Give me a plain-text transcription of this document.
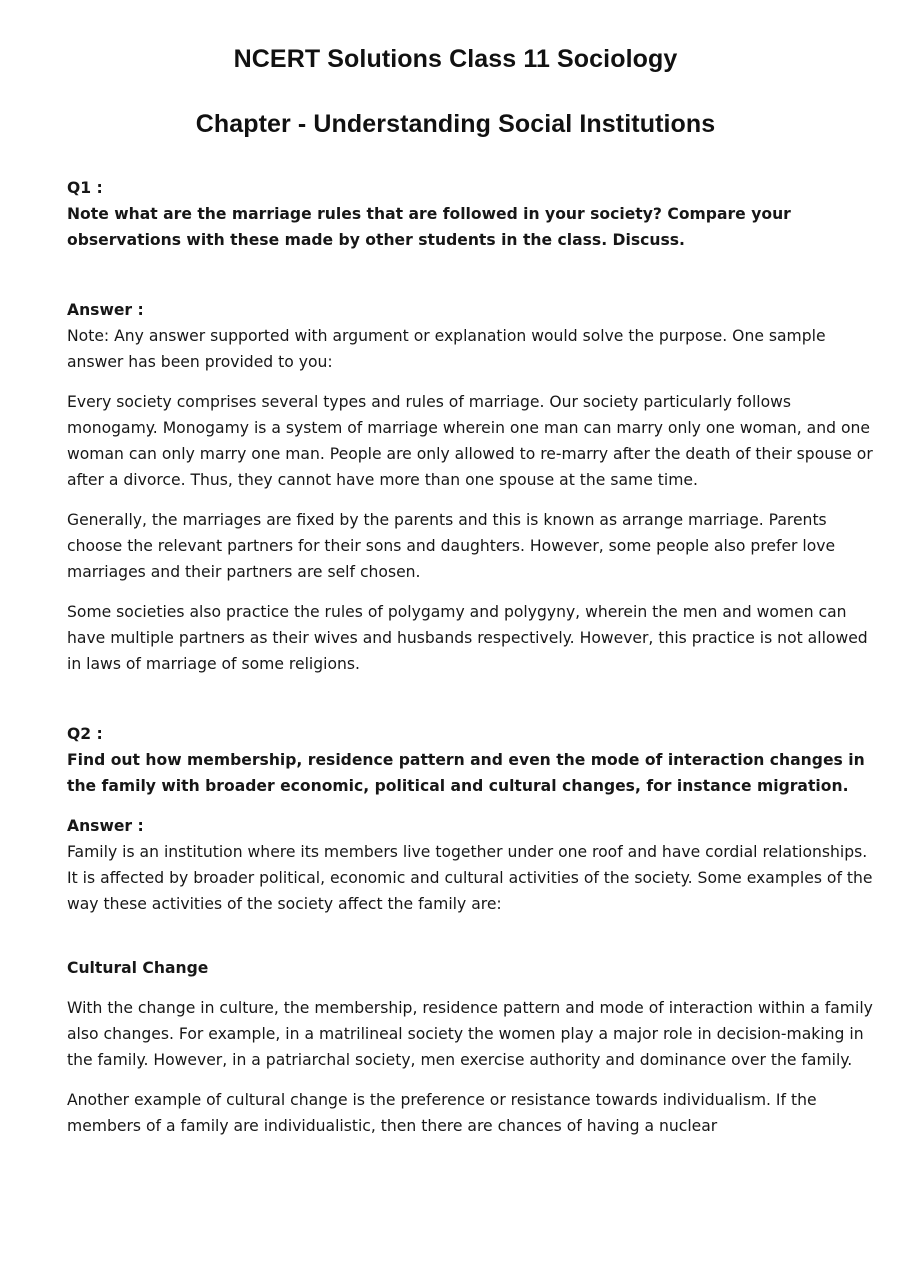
NCERT Solutions Class 11 Sociology
Chapter - Understanding Social Institutions

Q1 :

Note what are the marriage rules that are followed in your society? Compare your observations with these made by other students in the class. Discuss.

Answer :

Note: Any answer supported with argument or explanation would solve the purpose. One sample answer has been provided to you:

Every society comprises several types and rules of marriage. Our society particularly follows monogamy. Monogamy is a system of marriage wherein one man can marry only one woman, and one woman can only marry one man. People are only allowed to re-marry after the death of their spouse or after a divorce. Thus, they cannot have more than one spouse at the same time.

Generally, the marriages are fixed by the parents and this is known as arrange marriage. Parents choose the relevant partners for their sons and daughters. However, some people also prefer love marriages and their partners are self chosen.

Some societies also practice the rules of polygamy and polygyny, wherein the men and women can have multiple partners as their wives and husbands respectively. However, this practice is not allowed in laws of marriage of some religions.

Q2 :

Find out how membership, residence pattern and even the mode of interaction changes in the family with broader economic, political and cultural changes, for instance migration.

Answer :

Family is an institution where its members live together under one roof and have cordial relationships. It is affected by broader political, economic and cultural activities of the society. Some examples of the way these activities of the society affect the family are:

Cultural Change

With the change in culture, the membership, residence pattern and mode of interaction within a family also changes. For example, in a matrilineal society the women play a major role in decision-making in the family. However, in a patriarchal society, men exercise authority and dominance over the family.

Another example of cultural change is the preference or resistance towards individualism. If the members of a family are individualistic, then there are chances of having a nuclear
